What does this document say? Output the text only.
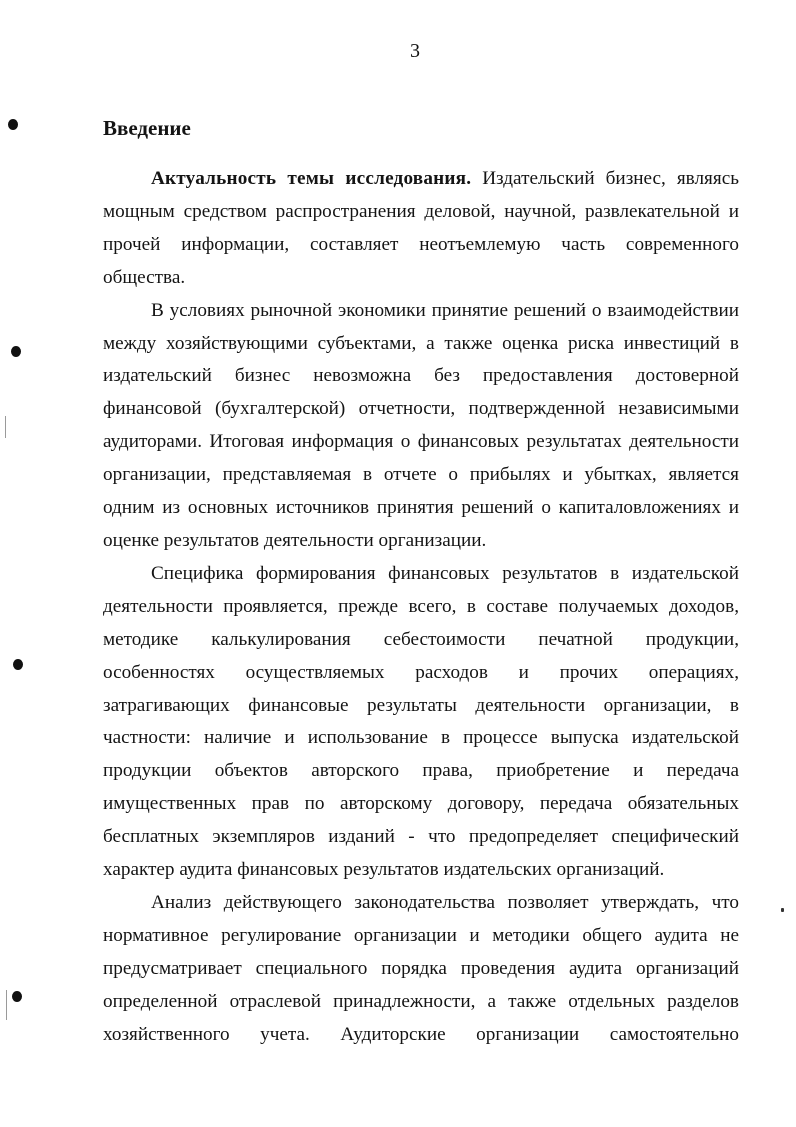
3
Введение

Актуальность темы исследования. Издательский бизнес, являясь мощным средством распространения деловой, научной, развлекательной и прочей информации, составляет неотъемлемую часть современного общества.

В условиях рыночной экономики принятие решений о взаимодействии между хозяйствующими субъектами, а также оценка риска инвестиций в издательский бизнес невозможна без предоставления достоверной финансовой (бухгалтерской) отчетности, подтвержденной независимыми аудиторами. Итоговая информация о финансовых результатах деятельности организации, представляемая в отчете о прибылях и убытках, является одним из основных источников принятия решений о капиталовложениях и оценке результатов деятельности организации.

Специфика формирования финансовых результатов в издательской деятельности проявляется, прежде всего, в составе получаемых доходов, методике калькулирования себестоимости печатной продукции, особенностях осуществляемых расходов и прочих операциях, затрагивающих финансовые результаты деятельности организации, в частности: наличие и использование в процессе выпуска издательской продукции объектов авторского права, приобретение и передача имущественных прав по авторскому договору, передача обязательных бесплатных экземпляров изданий - что предопределяет специфический характер аудита финансовых результатов издательских организаций.

Анализ действующего законодательства позволяет утверждать, что нормативное регулирование организации и методики общего аудита не предусматривает специального порядка проведения аудита организаций определенной отраслевой принадлежности, а также отдельных разделов хозяйственного учета. Аудиторские организации самостоятельно
